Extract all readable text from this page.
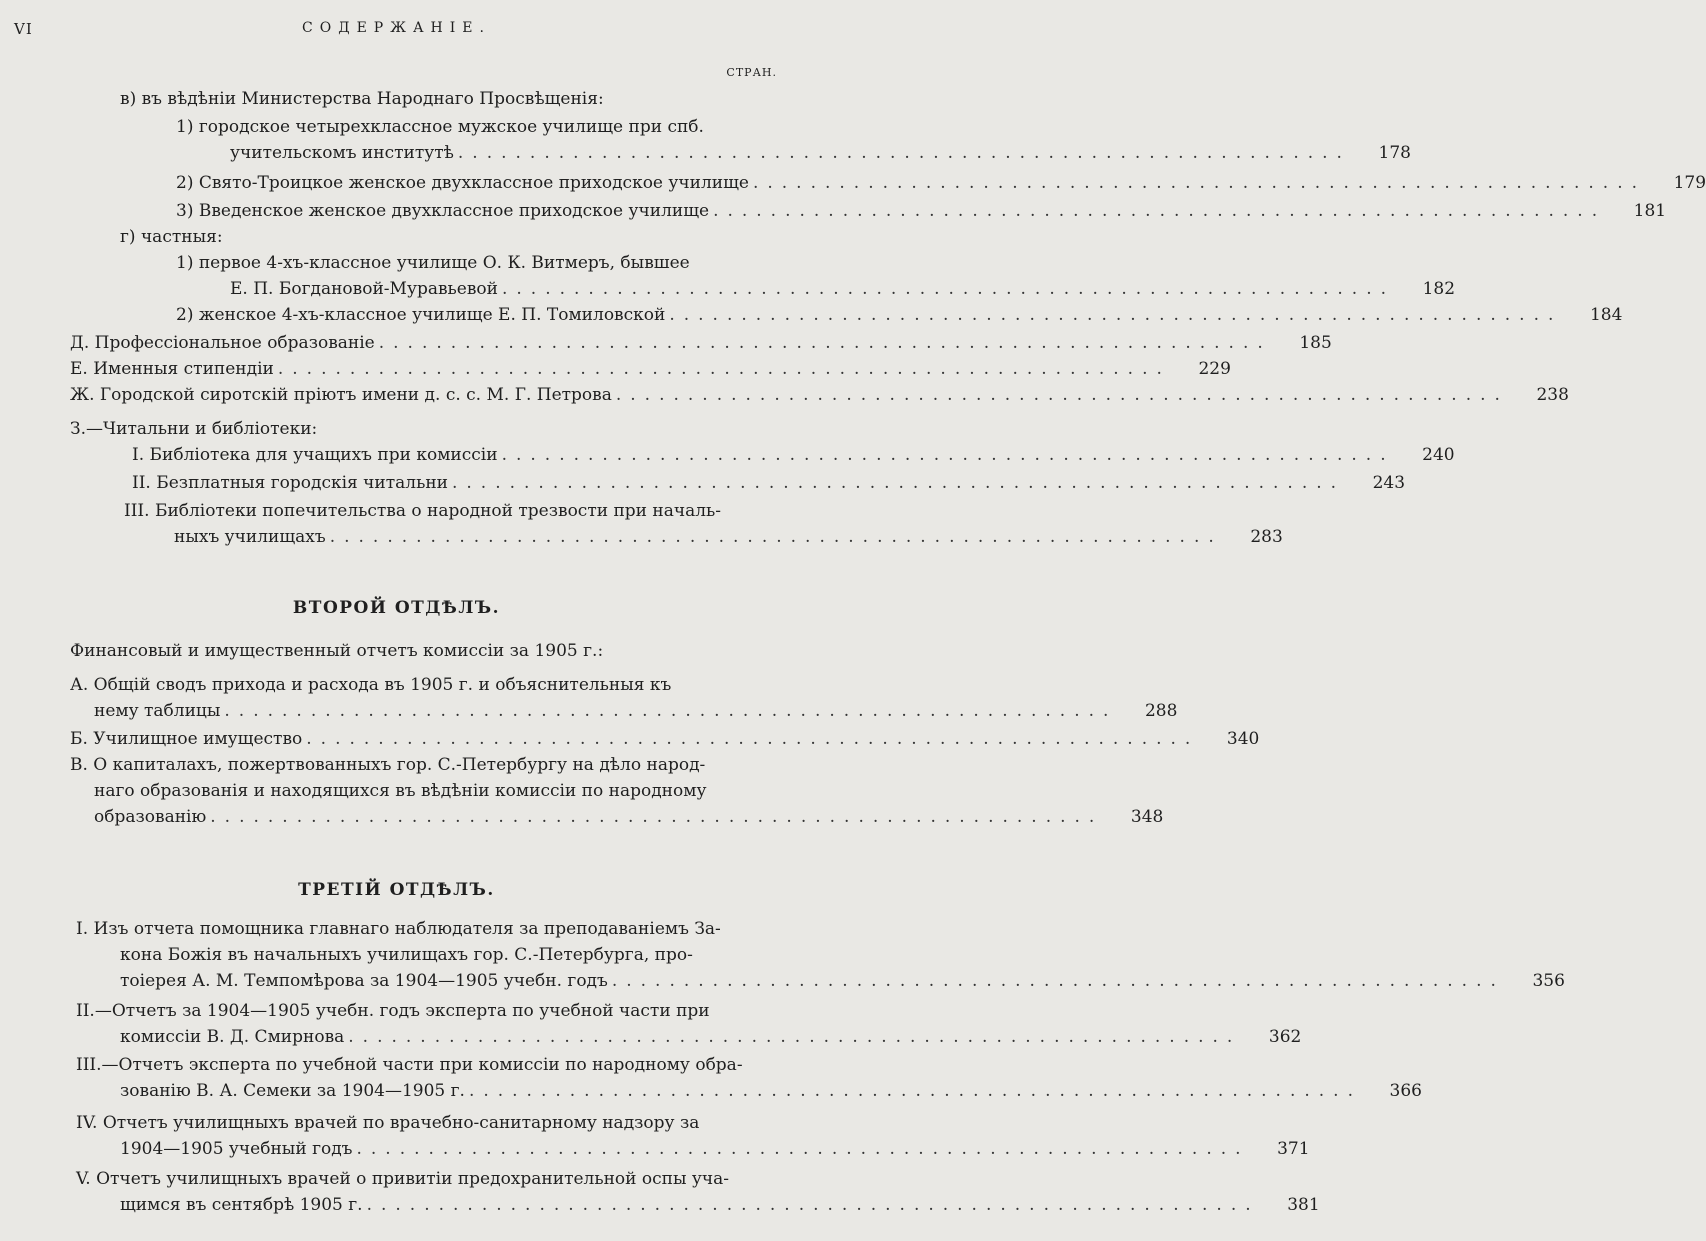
VI	СОДЕРЖАНІЕ.
СТРАН.
в) въ вѣдѣніи Министерства Народнаго Просвѣщенія:
1) городское четырехклассное мужское училище при спб.
учительскомъ институтѣ ..............................................................	178
2) Свято-Троицкое женское двухклассное приходское училище ..............................................................	179
3) Введенское женское двухклассное приходское училище ..............................................................	181
г) частныя:
1) первое 4-хъ-классное училище О. К. Витмеръ, бывшее
Е. П. Богдановой-Муравьевой ..............................................................	182
2) женское 4-хъ-классное училище Е. П. Томиловской ..............................................................	184
Д. Профессіональное образованіе ..............................................................	185
Е. Именныя стипендіи ..............................................................	229
Ж. Городской сиротскій пріютъ имени д. с. с. М. Г. Петрова ..............................................................	238
З.—Читальни и библіотеки:
I. Библіотека для учащихъ при комиссіи ..............................................................	240
II. Безплатныя городскія читальни ..............................................................	243
III. Библіотеки попечительства о народной трезвости при началь-
ныхъ училищахъ ..............................................................	283
ВТОРОЙ ОТДѢЛЪ.
Финансовый и имущественный отчетъ комиссіи за 1905 г.:
А. Общій сводъ прихода и расхода въ 1905 г. и объяснительныя къ
нему таблицы ..............................................................	288
Б. Училищное имущество ..............................................................	340
В. О капиталахъ, пожертвованныхъ гор. С.-Петербургу на дѣло народ-
наго образованія и находящихся въ вѣдѣніи комиссіи по народному
образованію ..............................................................	348
ТРЕТІЙ ОТДѢЛЪ.
I. Изъ отчета помощника главнаго наблюдателя за преподаваніемъ За-
кона Божія въ начальныхъ училищахъ гор. С.-Петербурга, про-
тоіерея А. М. Темпомѣрова за 1904—1905 учебн. годъ ..............................................................	356
II.—Отчетъ за 1904—1905 учебн. годъ эксперта по учебной части при
комиссіи В. Д. Смирнова ..............................................................	362
III.—Отчетъ эксперта по учебной части при комиссіи по народному обра-
зованію В. А. Семеки за 1904—1905 г. ..............................................................	366
IV. Отчетъ училищныхъ врачей по врачебно-санитарному надзору за
1904—1905 учебный годъ ..............................................................	371
V. Отчетъ училищныхъ врачей о привитіи предохранительной оспы уча-
щимся въ сентябрѣ 1905 г. ..............................................................	381
